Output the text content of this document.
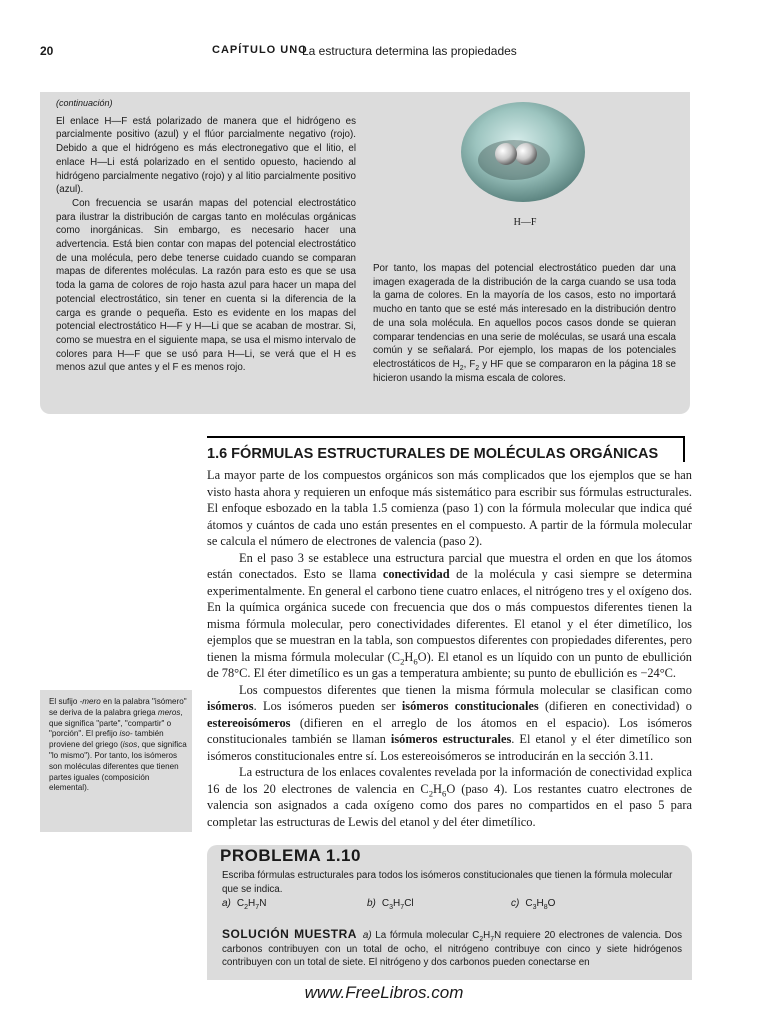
20	CAPÍTULO UNO
La estructura determina las propiedades
(continuación)

El enlace H—F está polarizado de manera que el hidrógeno es parcialmente positivo (azul) y el flúor parcialmente negativo (rojo). Debido a que el hidrógeno es más electronegativo que el litio, el enlace H—Li está polarizado en el sentido opuesto, haciendo al hidrógeno parcialmente negativo (rojo) y al litio parcialmente positivo (azul).

Con frecuencia se usarán mapas del potencial electrostático para ilustrar la distribución de cargas tanto en moléculas orgánicas como inorgánicas. Sin embargo, es necesario hacer una advertencia. Está bien contar con mapas del potencial electrostático de una molécula, pero debe tenerse cuidado cuando se comparan mapas de diferentes moléculas. La razón para esto es que se usa toda la gama de colores de rojo hasta azul para hacer un mapa del potencial electrostático, sin tener en cuenta si la diferencia de la carga es grande o pequeña. Esto es evidente en los mapas del potencial electrostático H—F y H—Li que se acaban de mostrar. Si, como se muestra en el siguiente mapa, se usa el mismo intervalo de colores para H—F que se usó para H—Li, se verá que el H es menos azul que antes y el F es menos rojo.

H—F

Por tanto, los mapas del potencial electrostático pueden dar una imagen exagerada de la distribución de la carga cuando se usa toda la gama de colores. En la mayoría de los casos, esto no importará mucho en tanto que se esté más interesado en la distribución dentro de una sola molécula. En aquellos pocos casos donde se quieran comparar tendencias en una serie de moléculas, se usará una escala común y se señalará. Por ejemplo, los mapas de los potenciales electrostáticos de $H_2$, $F_2$ y HF que se compararon en la página 18 se hicieron usando la misma escala de colores.

1.6 FÓRMULAS ESTRUCTURALES DE MOLÉCULAS ORGÁNICAS

La mayor parte de los compuestos orgánicos son más complicados que los ejemplos que se han visto hasta ahora y requieren un enfoque más sistemático para escribir sus fórmulas estructurales. El enfoque esbozado en la tabla 1.5 comienza (paso 1) con la fórmula molecular que indica qué átomos y cuántos de cada uno están presentes en el compuesto. A partir de la fórmula molecular se calcula el número de electrones de valencia (paso 2).

En el paso 3 se establece una estructura parcial que muestra el orden en que los átomos están conectados. Esto se llama conectividad de la molécula y casi siempre se determina experimentalmente. En general el carbono tiene cuatro enlaces, el nitrógeno tres y el oxígeno dos. En la química orgánica sucede con frecuencia que dos o más compuestos diferentes tienen la misma fórmula molecular, pero conectividades diferentes. El etanol y el éter dimetílico, los ejemplos que se muestran en la tabla, son compuestos diferentes con propiedades diferentes, pero tienen la misma fórmula molecular $(C_2H_6O)$. El etanol es un líquido con un punto de ebullición de 78°C. El éter dimetílico es un gas a temperatura ambiente; su punto de ebullición es −24°C.

Los compuestos diferentes que tienen la misma fórmula molecular se clasifican como isómeros. Los isómeros pueden ser isómeros constitucionales (difieren en conectividad) o estereoisómeros (difieren en el arreglo de los átomos en el espacio). Los isómeros constitucionales también se llaman isómeros estructurales. El etanol y el éter dimetílico son isómeros constitucionales entre sí. Los estereoisómeros se introducirán en la sección 3.11.

La estructura de los enlaces covalentes revelada por la información de conectividad explica 16 de los 20 electrones de valencia en $C_2H_6O$ (paso 4). Los restantes cuatro electrones de valencia son asignados a cada oxígeno como dos pares no compartidos en el paso 5 para completar las estructuras de Lewis del etanol y del éter dimetílico.

El sufijo -mero en la palabra "isómero" se deriva de la palabra griega meros, que significa "parte", "compartir" o "porción". El prefijo iso- también proviene del griego (isos, que significa "lo mismo"). Por tanto, los isómeros son moléculas diferentes que tienen partes iguales (composición elemental).
PROBLEMA 1.10
Escriba fórmulas estructurales para todos los isómeros constitucionales que tienen la fórmula molecular que se indica.
a) $C_2H_7N$	b) $C_3H_7Cl$	c) $C_3H_8O$
SOLUCIÓN MUESTRA a) La fórmula molecular $C_2H_7N$ requiere 20 electrones de valencia. Dos carbonos contribuyen con un total de ocho, el nitrógeno contribuye con cinco y siete hidrógenos contribuyen con un total de siete. El nitrógeno y dos carbonos pueden conectarse en
www.FreeLibros.com
